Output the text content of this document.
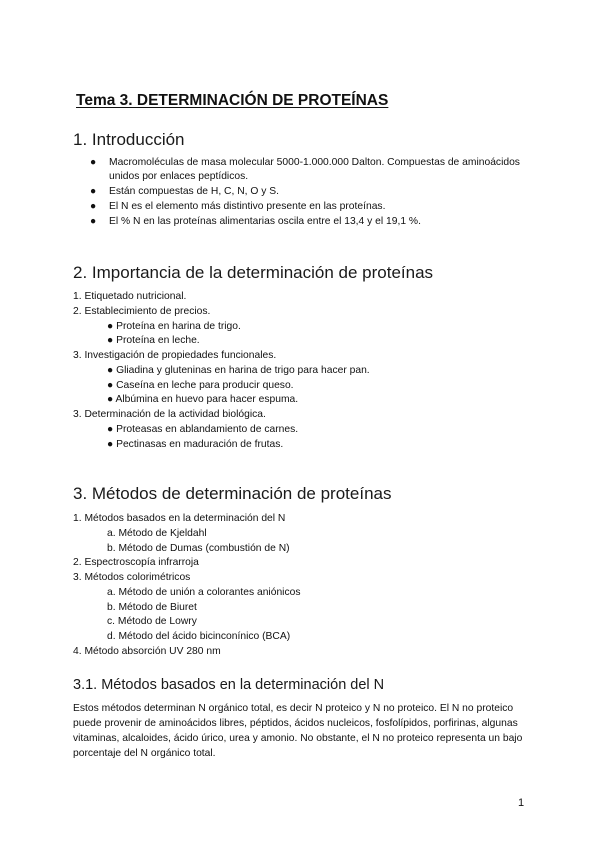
Tema 3. DETERMINACIÓN DE PROTEÍNAS
1. Introducción
● Macromoléculas de masa molecular 5000-1.000.000 Dalton. Compuestas de aminoácidos unidos por enlaces peptídicos.
● Están compuestas de H, C, N, O y S.
● El N es el elemento más distintivo presente en las proteínas.
● El % N en las proteínas alimentarias oscila entre el 13,4 y el 19,1 %.
2. Importancia de la determinación de proteínas
1. Etiquetado nutricional.
2. Establecimiento de precios.
● Proteína en harina de trigo.
● Proteína en leche.
3. Investigación de propiedades funcionales.
● Gliadina y gluteninas en harina de trigo para hacer pan.
● Caseína en leche para producir queso.
● Albúmina en huevo para hacer espuma.
3. Determinación de la actividad biológica.
● Proteasas en ablandamiento de carnes.
● Pectinasas en maduración de frutas.
3. Métodos de determinación de proteínas
1. Métodos basados en la determinación del N
a. Método de Kjeldahl
b. Método de Dumas (combustión de N)
2. Espectroscopía infrarroja
3. Métodos colorimétricos
a. Método de unión a colorantes aniónicos
b. Método de Biuret
c. Método de Lowry
d. Método del ácido bicinconínico (BCA)
4. Método absorción UV 280 nm
3.1. Métodos basados en la determinación del N

Estos métodos determinan N orgánico total, es decir N proteico y N no proteico. El N no proteico puede provenir de aminoácidos libres, péptidos, ácidos nucleicos, fosfolípidos, porfirinas, algunas vitaminas, alcaloides, ácido úrico, urea y amonio. No obstante, el N no proteico representa un bajo porcentaje del N orgánico total.

1
